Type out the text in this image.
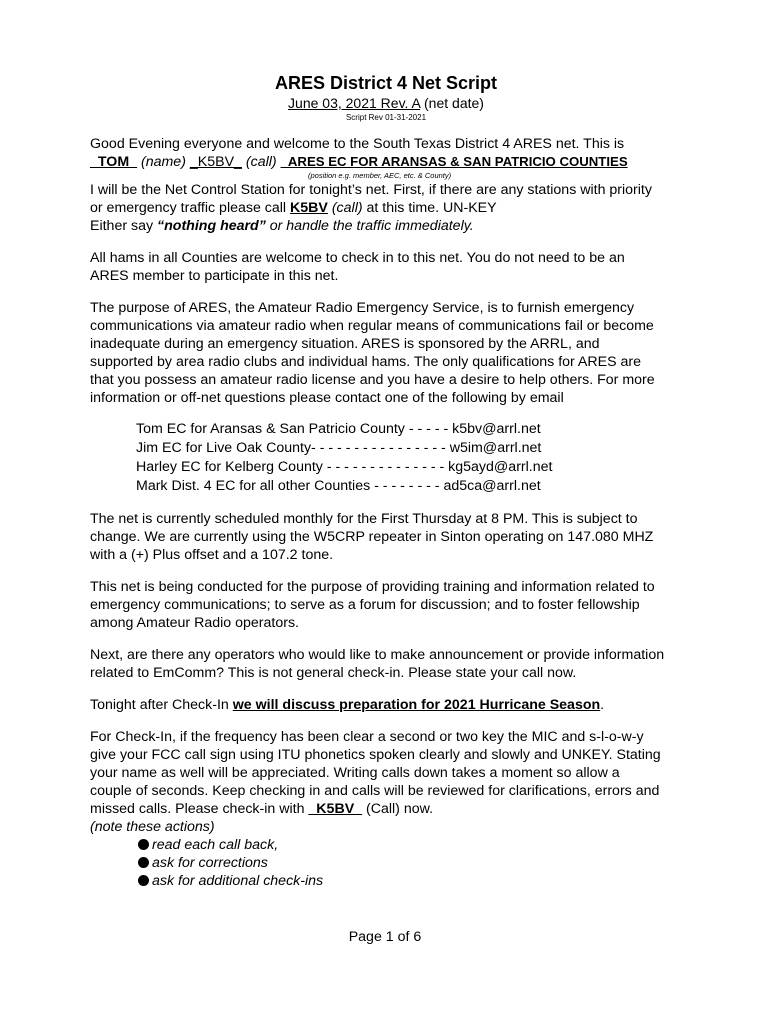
ARES District 4 Net Script
June 03, 2021 Rev. A (net date)
Script Rev 01-31-2021

Good Evening everyone and welcome to the South Texas District 4 ARES net. This is

_TOM_ (name) _K5BV_ (call) _ARES EC FOR ARANSAS & SAN PATRICIO COUNTIES

(position e.g. member, AEC, etc. & County)

I will be the Net Control Station for tonight’s net. First, if there are any stations with priority

or emergency traffic please call K5BV (call) at this time. UN-KEY

Either say “nothing heard” or handle the traffic immediately.

All hams in all Counties are welcome to check in to this net. You do not need to be an

ARES member to participate in this net.

The purpose of ARES, the Amateur Radio Emergency Service, is to furnish emergency

communications via amateur radio when regular means of communications fail or become

inadequate during an emergency situation. ARES is sponsored by the ARRL, and

supported by area radio clubs and individual hams. The only qualifications for ARES are

that you possess an amateur radio license and you have a desire to help others. For more

information or off-net questions please contact one of the following by email

Tom EC for Aransas & San Patricio County - - - - - k5bv@arrl.net
Jim EC for Live Oak County- - - - - - - - - - - - - - - - w5im@arrl.net
Harley EC for Kelberg County - - - - - - - - - - - - - - kg5ayd@arrl.net
Mark Dist. 4 EC for all other Counties - - - - - - - - ad5ca@arrl.net

The net is currently scheduled monthly for the First Thursday at 8 PM. This is subject to

change. We are currently using the W5CRP repeater in Sinton operating on 147.080 MHZ

with a (+) Plus offset and a 107.2 tone.

This net is being conducted for the purpose of providing training and information related to

emergency communications; to serve as a forum for discussion; and to foster fellowship

among Amateur Radio operators.

Next, are there any operators who would like to make announcement or provide information

related to EmComm? This is not general check-in. Please state your call now.

Tonight after Check-In we will discuss preparation for 2021 Hurricane Season.

For Check-In, if the frequency has been clear a second or two key the MIC and s-l-o-w-y

give your FCC call sign using ITU phonetics spoken clearly and slowly and UNKEY. Stating

your name as well will be appreciated. Writing calls down takes a moment so allow a

couple of seconds. Keep checking in and calls will be reviewed for clarifications, errors and

missed calls. Please check-in with _K5BV_ (Call) now.

(note these actions)

read each call back,
ask for corrections
ask for additional check-ins
Page 1 of 6
